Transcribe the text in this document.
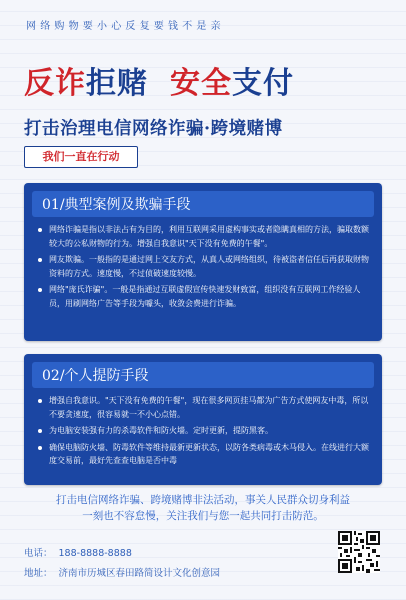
网络购物要小心反复要钱不是亲
反诈拒赌 安全支付
打击治理电信网络诈骗·跨境赌博
我们一直在行动
01/典型案例及欺骗手段
网络诈骗是指以非法占有为目的，利用互联网采用虚构事实或者隐瞒真相的方法，骗取数额较大的公私财物的行为。增强自我意识"天下没有免费的午餐"。
网友欺骗。一般指的是通过网上交友方式，从真人或网络组织，待被盗者信任后再获取财物资料的方式。速度慢，不过侦破速度较慢。
网络"庞氏诈骗"。一般是指通过互联虚假宣传快速发财致富，组织没有互联网工作经验人员，用刷网络广告等手段为噱头，收敛会费进行诈骗。
02/个人提防手段
增强自我意识。"天下没有免费的午餐"，现在很多网页挂马都为广告方式使网友中毒，所以不要贪速度，很容易就一不小心点错。
为电脑安装强有力的杀毒软件和防火墙。定时更新，提防黑客。
确保电脑防火墙、防毒软件等维持最新更新状态，以防各类病毒或木马侵入。在线进行大额度交易前，最好先查查电脑是否中毒
打击电信网络诈骗、跨境赌博非法活动，事关人民群众切身利益
一刻也不容怠慢，关注我们与您一起共同打击防范。
电话： 188-8888-8888
地址： 济南市历城区春田路简设计文化创意园
